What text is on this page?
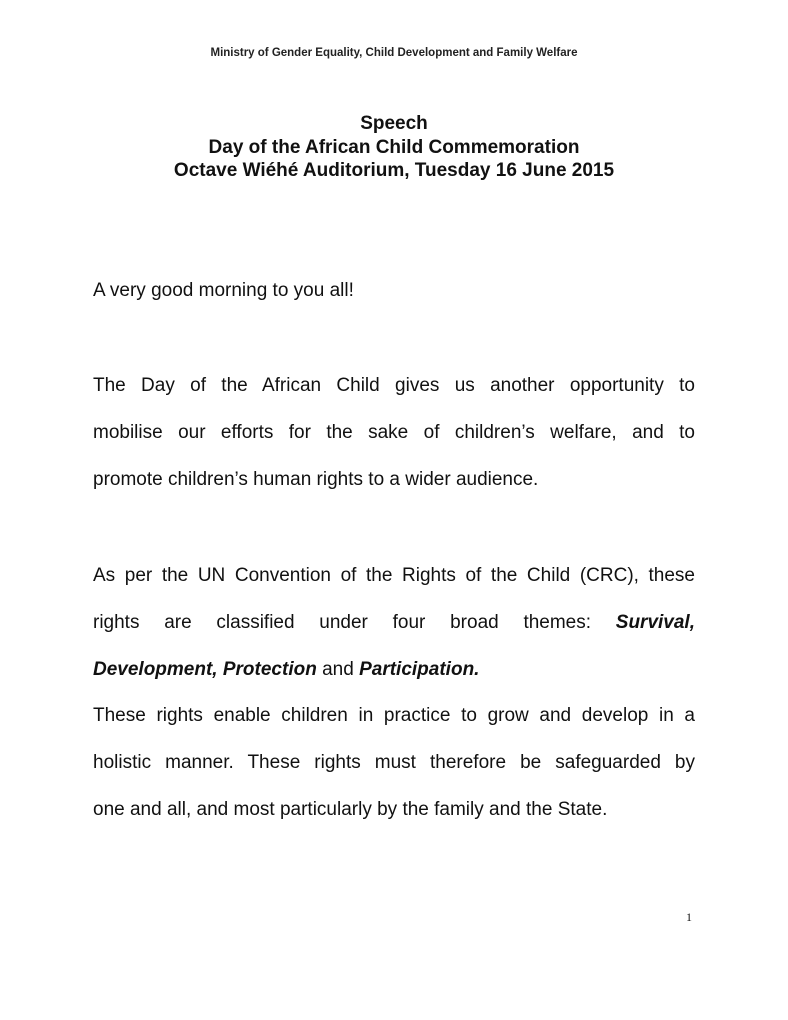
Ministry of Gender Equality, Child Development and Family Welfare
Speech
Day of the African Child Commemoration
Octave Wiéhé Auditorium, Tuesday 16 June 2015
A very good morning to you all!
The Day of the African Child gives us another opportunity to
mobilise our efforts for the sake of children’s welfare, and to
promote children’s human rights to a wider audience.
As per the UN Convention of the Rights of the Child (CRC), these
rights are classified under four broad themes: Survival,
Development, Protection and Participation.
These rights enable children in practice to grow and develop in a
holistic manner. These rights must therefore be safeguarded by
one and all, and most particularly by the family and the State.
1
